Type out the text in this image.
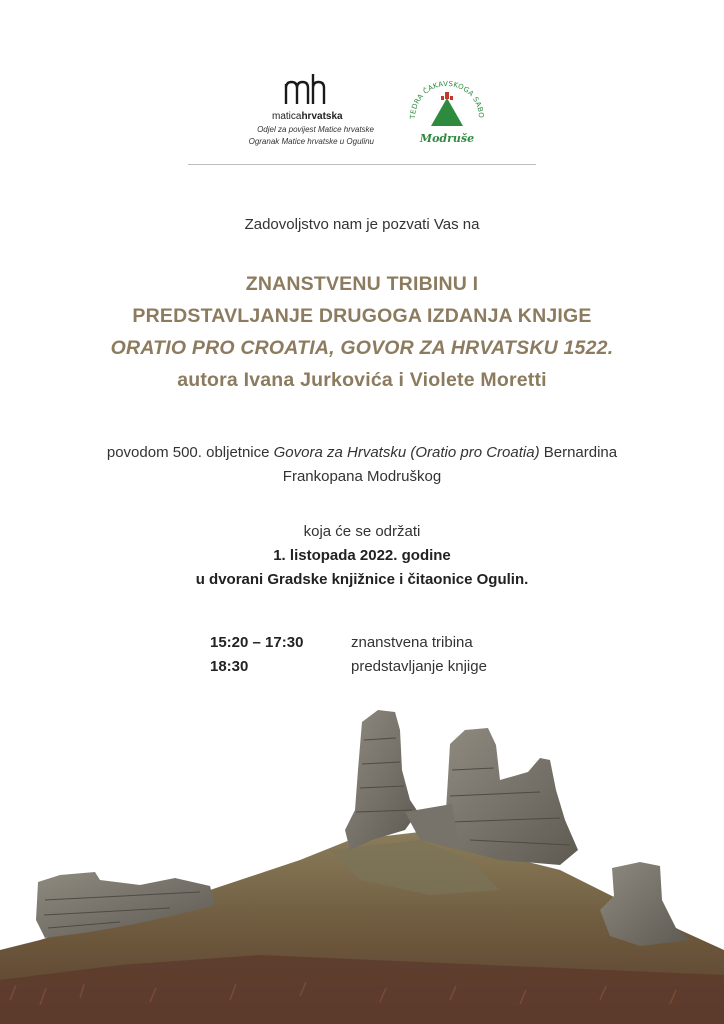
maticahrvatska
Odjel za povijest Matice hrvatske
Ogranak Matice hrvatske u Ogulinu
TEDRA ČAKAVSKOGA SABO
Modruše
Zadovoljstvo nam je pozvati Vas na
ZNANSTVENU TRIBINU I
PREDSTAVLJANJE DRUGOGA IZDANJA KNJIGE
ORATIO PRO CROATIA, GOVOR ZA HRVATSKU 1522.
autora Ivana Jurkovića i Violete Moretti
povodom 500. obljetnice Govora za Hrvatsku (Oratio pro Croatia) Bernardina
Frankopana Modruškog
koja će se održati
1. listopada 2022. godine
u dvorani Gradske knjižnice i čitaonice Ogulin.
15:20 – 17:30	znanstvena tribina
18:30	predstavljanje knjige
